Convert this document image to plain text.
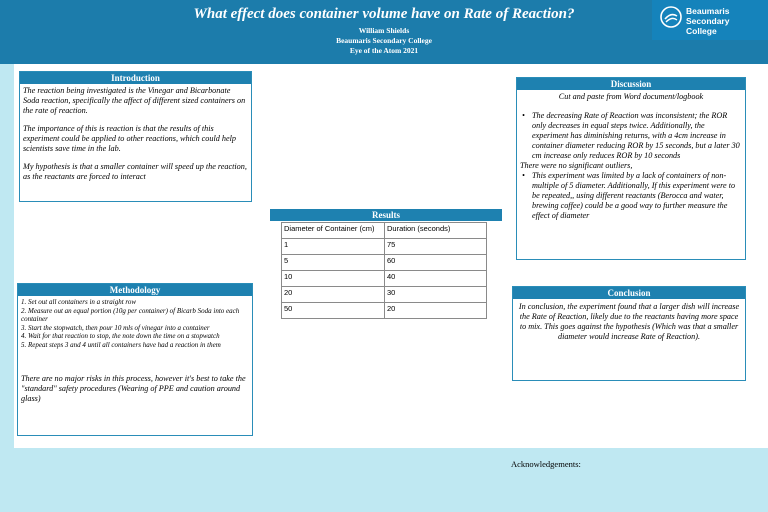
What effect does container volume have on Rate of Reaction?
William Shields
Beaumaris Secondary College
Eye of the Atom 2021
Beaumaris
Secondary
College
Introduction

The reaction being investigated is the Vinegar and Bicarbonate Soda reaction, specifically the affect of different sized containers on the rate of reaction.

The importance of this is reaction is that the results of this experiment could be applied to other reactions, which could help scientists save time in the lab.

My hypothesis is that a smaller container will speed up the reaction, as the reactants are forced to interact

Methodology
1. Set out all containers in a straight row
2. Measure out an equal portion (10g per container) of Bicarb Soda into each container
3. Start the stopwatch, then pour 10 mls of vinegar into a container
4. Wait for that reaction to stop, the note down the time on a stopwatch
5. Repeat steps 3 and 4 until all containers have had a reaction in them

There are no major risks in this process, however it's best to take the "standard" safety procedures (Wearing of PPE and caution around glass)

Results
Diameter of Container (cm)	Duration (seconds)
1	75
5	60
10	40
20	30
50	20
Discussion

Cut and paste from Word document/logbook

• The decreasing Rate of Reaction was inconsistent; the ROR only decreases in equal steps twice. Additionally, the experiment has diminishing returns, with a 4cm increase in container diameter reducing ROR by 15 seconds, but a later 30 cm increase only reduces ROR by 10 seconds

There were no significant outliers,

• This experiment was limited by a lack of containers of non-multiple of 5 diameter. Additionally, If this experiment were to be repeated,, using different reactants (Berocca and water, brewing coffee) could be a good way to further measure the effect of diameter
Conclusion

In conclusion, the experiment found that a larger dish will increase the Rate of Reaction, likely due to the reactants having more space to mix. This goes against the hypothesis (Which was that a smaller diameter would increase Rate of Reaction).

Acknowledgements:
